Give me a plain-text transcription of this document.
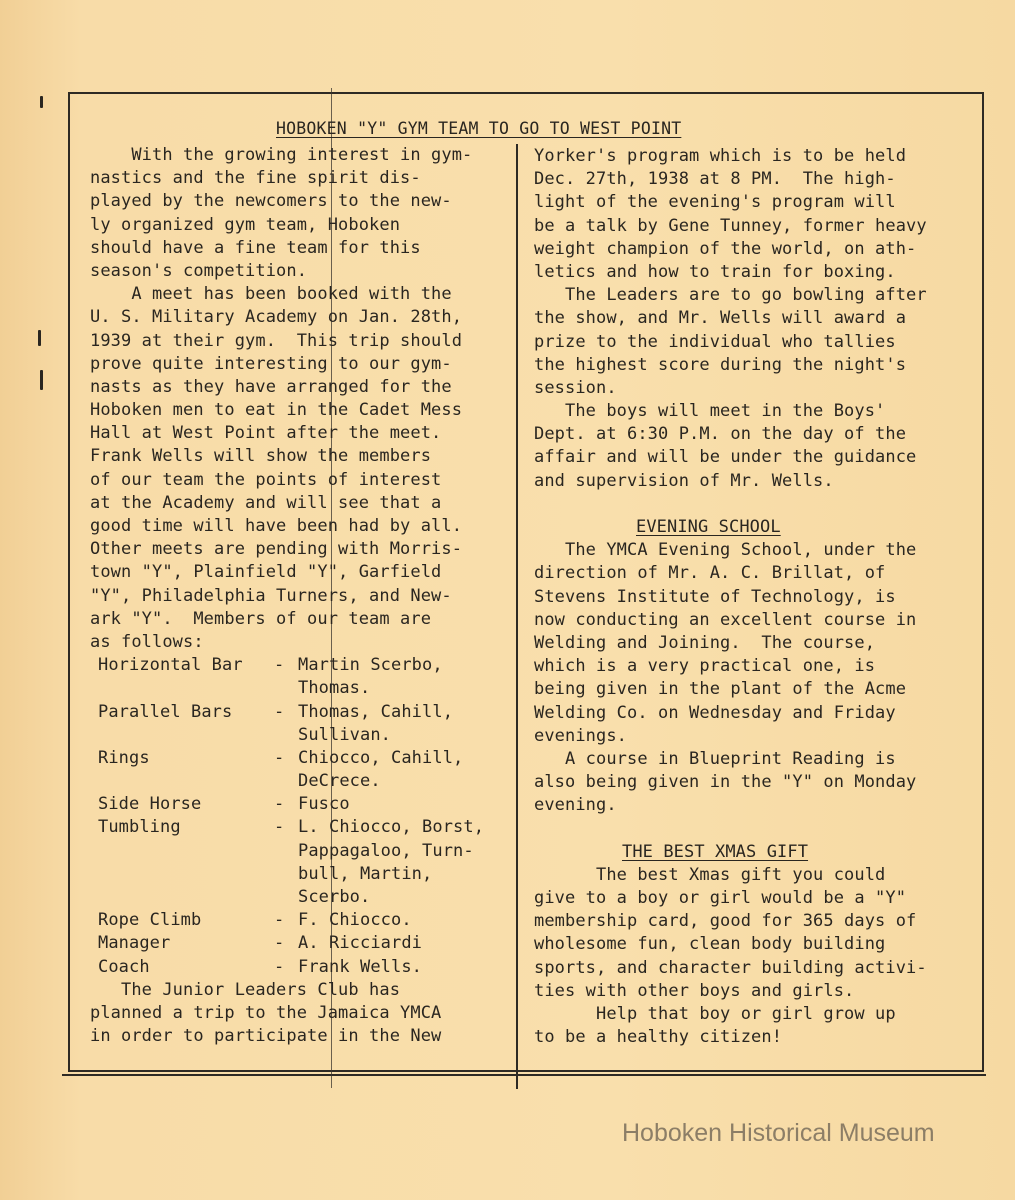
HOBOKEN "Y" GYM TEAM TO GO TO WEST POINT
With the growing interest in gym-
nastics and the fine spirit dis-
played by the newcomers to the new-
ly organized gym team, Hoboken
should have a fine team for this
season's competition.
A meet has been booked with the
U. S. Military Academy on Jan. 28th,
1939 at their gym.  This trip should
prove quite interesting to our gym-
nasts as they have arranged for the
Hoboken men to eat in the Cadet Mess
Hall at West Point after the meet.
Frank Wells will show the members
of our team the points of interest
at the Academy and will see that a
good time will have been had by all.
Other meets are pending with Morris-
town "Y", Plainfield "Y", Garfield
"Y", Philadelphia Turners, and New-
ark "Y".  Members of our team are
as follows:
Horizontal Bar - Martin Scerbo,
Thomas.
Parallel Bars - Thomas, Cahill,
Sullivan.
Rings	- Chiocco, Cahill,
DeCrece.
Side Horse	- Fusco
Tumbling	- L. Chiocco, Borst,
Pappagaloo, Turn-
bull, Martin,
Scerbo.
Rope Climb	- F. Chiocco.
Manager	- A. Ricciardi
Coach	- Frank Wells.
The Junior Leaders Club has
planned a trip to the Jamaica YMCA
in order to participate in the New
Yorker's program which is to be held
Dec. 27th, 1938 at 8 PM.  The high-
light of the evening's program will
be a talk by Gene Tunney, former heavy
weight champion of the world, on ath-
letics and how to train for boxing.
The Leaders are to go bowling after
the show, and Mr. Wells will award a
prize to the individual who tallies
the highest score during the night's
session.
The boys will meet in the Boys'
Dept. at 6:30 P.M. on the day of the
affair and will be under the guidance
and supervision of Mr. Wells.
EVENING SCHOOL
The YMCA Evening School, under the
direction of Mr. A. C. Brillat, of
Stevens Institute of Technology, is
now conducting an excellent course in
Welding and Joining.  The course,
which is a very practical one, is
being given in the plant of the Acme
Welding Co. on Wednesday and Friday
evenings.
A course in Blueprint Reading is
also being given in the "Y" on Monday
evening.
THE BEST XMAS GIFT
The best Xmas gift you could
give to a boy or girl would be a "Y"
membership card, good for 365 days of
wholesome fun, clean body building
sports, and character building activi-
ties with other boys and girls.
Help that boy or girl grow up
to be a healthy citizen!
Hoboken Historical Museum
